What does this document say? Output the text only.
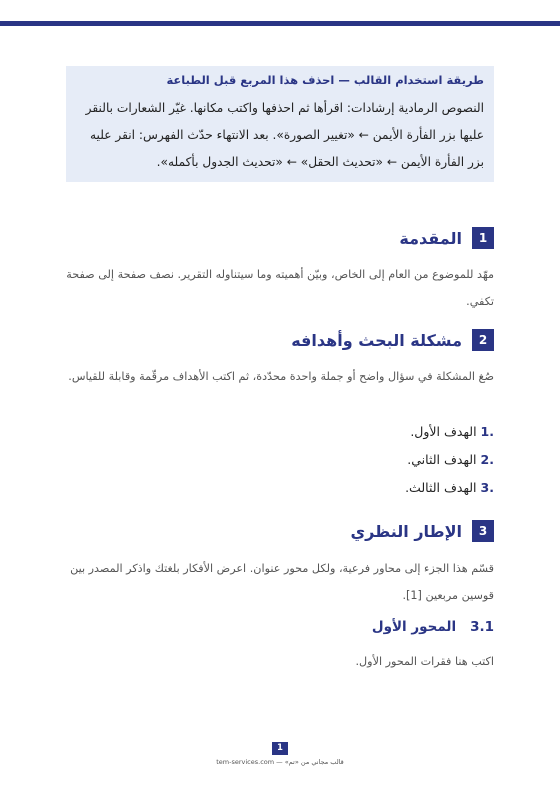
طريقة استخدام القالب — احذف هذا المربع قبل الطباعة
النصوص الرمادية إرشادات: اقرأها ثم احذفها واكتب مكانها. غيّر الشعارات بالنقر عليها بزر الفأرة الأيمن ← «تغيير الصورة». بعد الانتهاء حدّث الفهرس: انقر عليه بزر الفأرة الأيمن ← «تحديث الحقل» ← «تحديث الجدول بأكمله».
1
المقدمة
مهّد للموضوع من العام إلى الخاص، وبيّن أهميته وما سيتناوله التقرير. نصف صفحة إلى صفحة تكفي.
2
مشكلة البحث وأهدافه
صُغ المشكلة في سؤال واضح أو جملة واحدة محدّدة، ثم اكتب الأهداف مرقّمة وقابلة للقياس.
.1
الهدف الأول.
.2
الهدف الثاني.
.3
الهدف الثالث.
3
الإطار النظري
قسّم هذا الجزء إلى محاور فرعية، ولكل محور عنوان. اعرض الأفكار بلغتك واذكر المصدر بين قوسين مربعين [1].
3.1
المحور الأول
اكتب هنا فقرات المحور الأول.
1
قالب مجاني من «تم» — tem-services.com
